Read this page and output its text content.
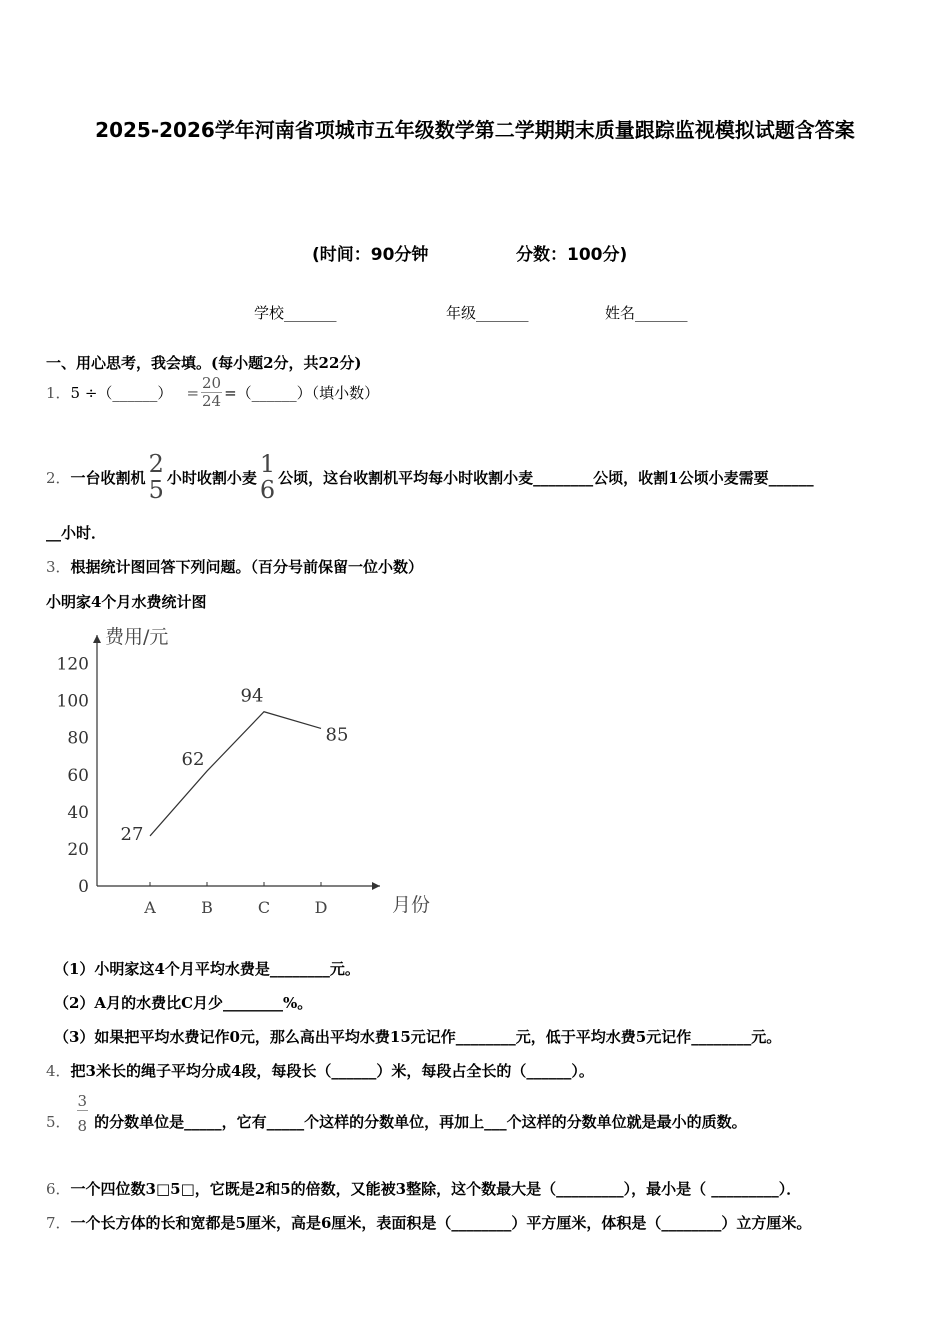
2025-2026学年河南省项城市五年级数学第二学期期末质量跟踪监视模拟试题含答案
(时间：90分钟	分数：100分)
学校_______	年级_______	姓名_______
一、用心思考，我会填。(每小题2分，共22分)
1． 5 ÷（______） = $\frac{20}{24}$ =（______）（填小数）
2． 一台收割机 2
5 小时收割小麦 1
6 公顷，这台收割机平均每小时收割小麦________公顷，收割1公顷小麦需要______
__小时．
3．根据统计图回答下列问题。（百分号前保留一位小数）
小明家4个月水费统计图
费用/元
月份
0
20
40
60
80
100
120
A	B	C	D
27
62
94
85
（1）小明家这4个月平均水费是________元。
（2）A月的水费比C月少________%。
（3）如果把平均水费记作0元，那么高出平均水费15元记作________元，低于平均水费5元记作________元。
4．把3米长的绳子平均分成4段，每段长（______）米，每段占全长的（______）。
5． $\frac{3}{8}$ 的分数单位是_____，它有_____个这样的分数单位，再加上___个这样的分数单位就是最小的质数。
6．一个四位数3□5□，它既是2和5的倍数，又能被3整除，这个数最大是（_________），最小是（ _________）．
7．一个长方体的长和宽都是5厘米，高是6厘米，表面积是（________）平方厘米，体积是（________）立方厘米。
